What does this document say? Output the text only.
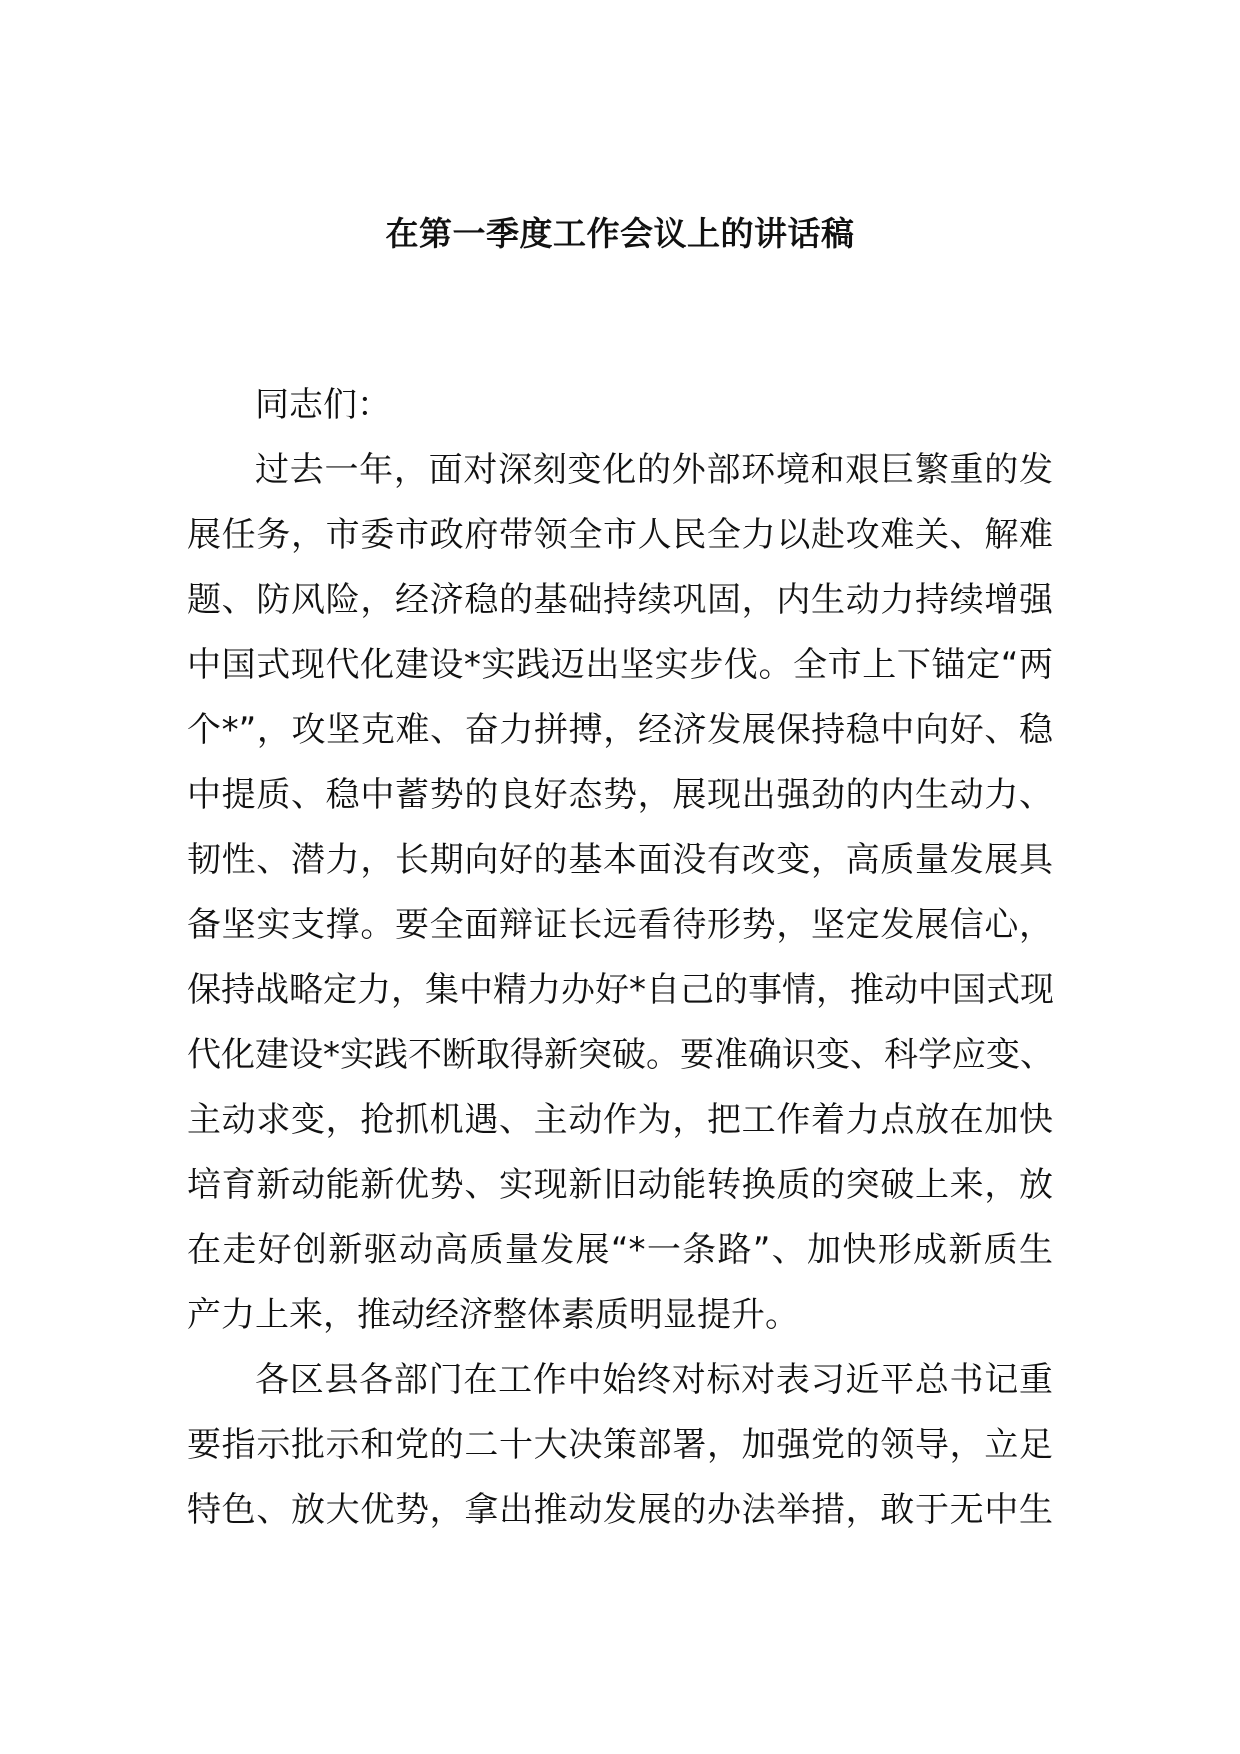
在第一季度工作会议上的讲话稿
同志们：
过去一年，面对深刻变化的外部环境和艰巨繁重的发
展任务，市委市政府带领全市人民全力以赴攻难关、解难
题、防风险，经济稳的基础持续巩固，内生动力持续增强
中国式现代化建设*实践迈出坚实步伐。全市上下锚定“两
个*”，攻坚克难、奋力拼搏，经济发展保持稳中向好、稳
中提质、稳中蓄势的良好态势，展现出强劲的内生动力、
韧性、潜力，长期向好的基本面没有改变，高质量发展具
备坚实支撑。要全面辩证长远看待形势，坚定发展信心，
保持战略定力，集中精力办好*自己的事情，推动中国式现
代化建设*实践不断取得新突破。要准确识变、科学应变、
主动求变，抢抓机遇、主动作为，把工作着力点放在加快
培育新动能新优势、实现新旧动能转换质的突破上来，放
在走好创新驱动高质量发展“*一条路”、加快形成新质生
产力上来，推动经济整体素质明显提升。
各区县各部门在工作中始终对标对表习近平总书记重
要指示批示和党的二十大决策部署，加强党的领导，立足
特色、放大优势，拿出推动发展的办法举措，敢于无中生
